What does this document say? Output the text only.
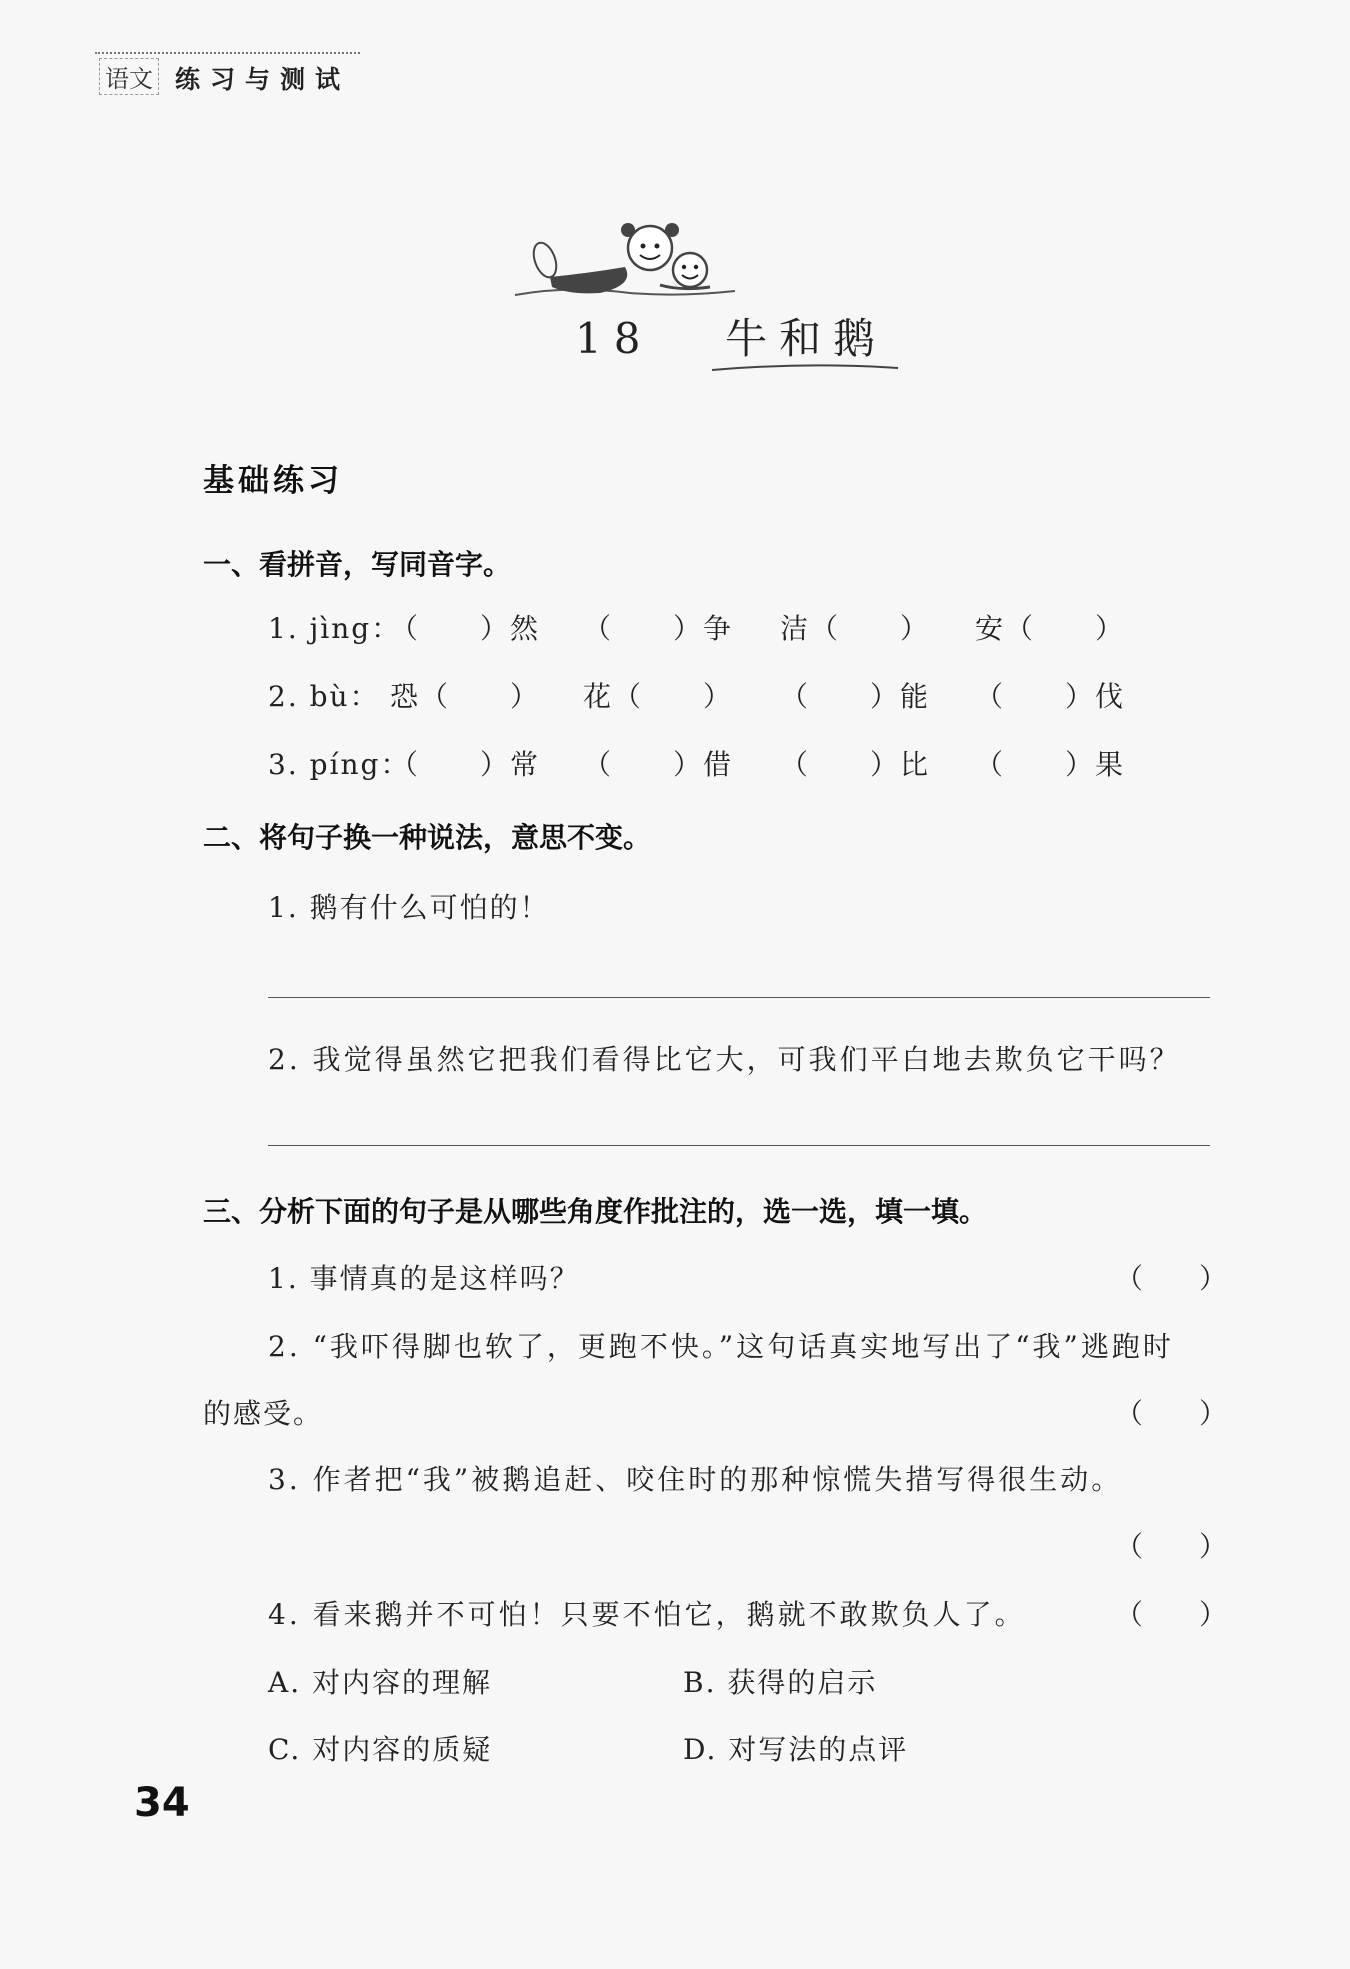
语文 练习与测试
18 牛和鹅
基础练习
一、看拼音，写同音字。
1. jìng：
（　　）然 （　　）争 洁（　　） 安（　　）
2. bù： 恐（　　） 花（　　） （　　）能 （　　）伐
3. píng：
（　　）常 （　　）借 （　　）比 （　　）果
二、将句子换一种说法，意思不变。
1. 鹅有什么可怕的！
2. 我觉得虽然它把我们看得比它大，可我们平白地去欺负它干吗？
三、分析下面的句子是从哪些角度作批注的，选一选，填一填。
1. 事情真的是这样吗？	（　　）
2. “我吓得脚也软了，更跑不快。”这句话真实地写出了“我”逃跑时
的感受。	（　　）
3. 作者把“我”被鹅追赶、咬住时的那种惊慌失措写得很生动。
（　　）
4. 看来鹅并不可怕！只要不怕它，鹅就不敢欺负人了。	（　　）
A. 对内容的理解	B. 获得的启示
C. 对内容的质疑	D. 对写法的点评
34
